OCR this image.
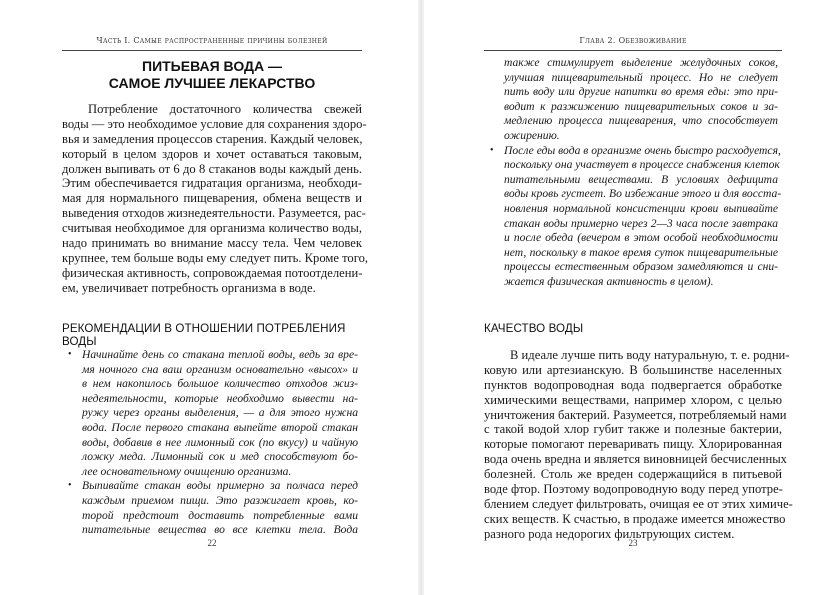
Часть I. Самые распространенные причины болезней
ПИТЬЕВАЯ ВОДА —
САМОЕ ЛУЧШЕЕ ЛЕКАРСТВО
Потребление достаточного количества свежей
воды — это необходимое условие для сохранения здоро-
вья и замедления процессов старения. Каждый человек,
который в целом здоров и хочет оставаться таковым,
должен выпивать от 6 до 8 стаканов воды каждый день.
Этим обеспечивается гидратация организма, необходи-
мая для нормального пищеварения, обмена веществ и
выведения отходов жизнедеятельности. Разумеется, рас-
считывая необходимое для организма количество воды,
надо принимать во внимание массу тела. Чем человек
крупнее, тем больше воды ему следует пить. Кроме того,
физическая активность, сопровождаемая потоотделени-
ем, увеличивает потребность организма в воде.
РЕКОМЕНДАЦИИ В ОТНОШЕНИИ ПОТРЕБЛЕНИЯ ВОДЫ
• Начинайте день со стакана теплой воды, ведь за вре-
мя ночного сна ваш организм основательно «высох» и
в нем накопилось большое количество отходов жиз-
недеятельности, которые необходимо вывести на-
ружу через органы выделения, — а для этого нужна
вода. После первого стакана выпейте второй стакан
воды, добавив в нее лимонный сок (по вкусу) и чайную
ложку меда. Лимонный сок и мед способствуют бо-
лее основательному очищению организма.
• Выпивайте стакан воды примерно за полчаса перед
каждым приемом пищи. Это разжигает кровь, ко-
торой предстоит доставить потребленные вами
питательные вещества во все клетки тела. Вода
22
Глава 2. Обезвоживание
также стимулирует выделение желудочных соков,
улучшая пищеварительный процесс. Но не следует
пить воду или другие напитки во время еды: это при-
водит к разжижению пищеварительных соков и за-
медлению процесса пищеварения, что способствует
ожирению.
• После еды вода в организме очень быстро расходуется,
поскольку она участвует в процессе снабжения клеток
питательными веществами. В условиях дефицита
воды кровь густеет. Во избежание этого и для восста-
новления нормальной консистенции крови выпивайте
стакан воды примерно через 2—3 часа после завтрака
и после обеда (вечером в этом особой необходимости
нет, поскольку в такое время суток пищеварительные
процессы естественным образом замедляются и сни-
жается физическая активность в целом).
КАЧЕСТВО ВОДЫ
В идеале лучше пить воду натуральную, т. е. родни-
ковую или артезианскую. В большинстве населенных
пунктов водопроводная вода подвергается обработке
химическими веществами, например хлором, с целью
уничтожения бактерий. Разумеется, потребляемый нами
с такой водой хлор губит также и полезные бактерии,
которые помогают переваривать пищу. Хлорированная
вода очень вредна и является виновницей бесчисленных
болезней. Столь же вреден содержащийся в питьевой
воде фтор. Поэтому водопроводную воду перед употре-
блением следует фильтровать, очищая ее от этих химиче-
ских веществ. К счастью, в продаже имеется множество
разного рода недорогих фильтрующих систем.
23
